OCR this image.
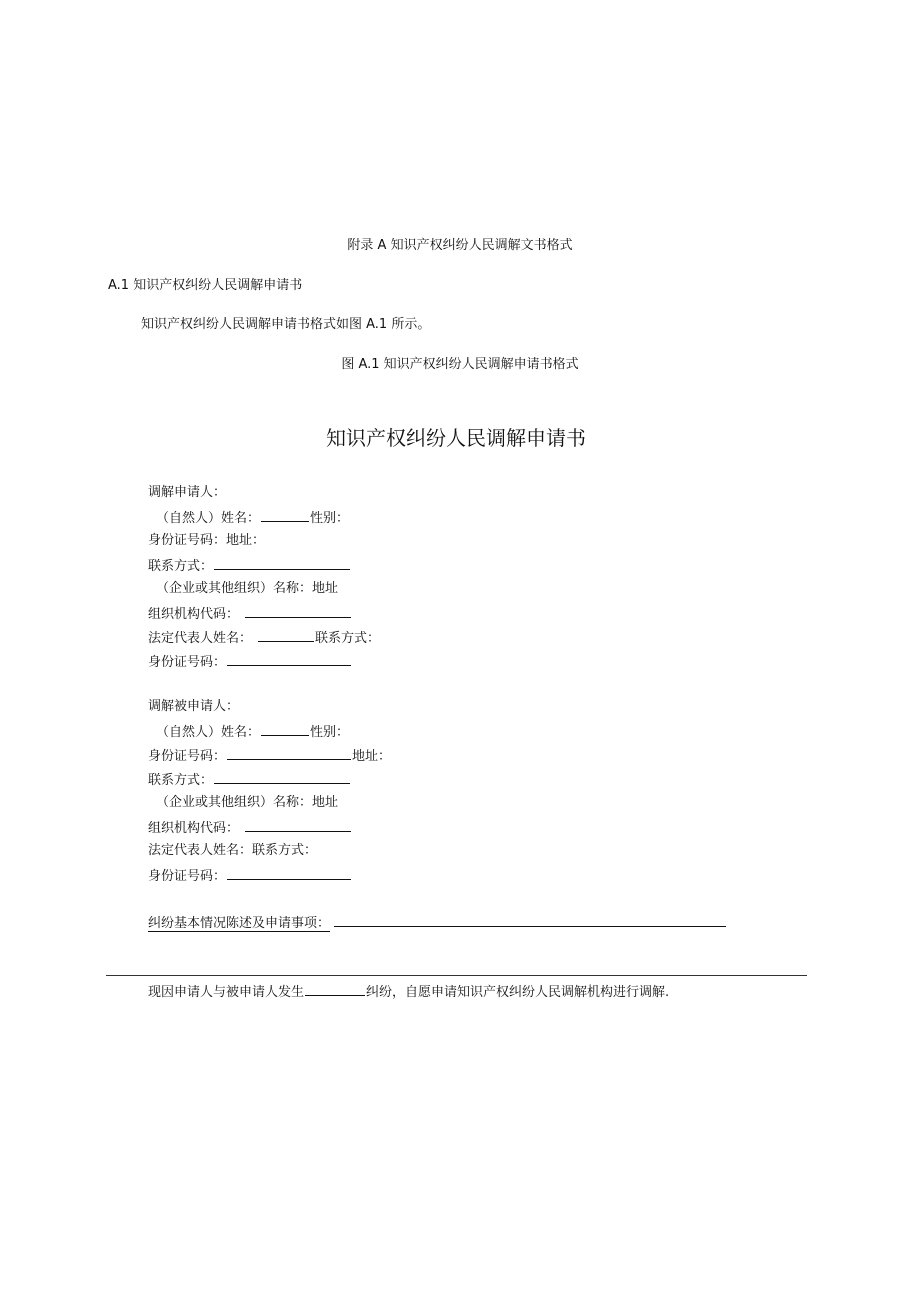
附录 A 知识产权纠纷人民调解文书格式
A.1 知识产权纠纷人民调解申请书
知识产权纠纷人民调解申请书格式如图 A.1 所示。
图 A.1 知识产权纠纷人民调解申请书格式
知识产权纠纷人民调解申请书
调解申请人：
（自然人）姓名：	性别：
身份证号码：地址：
联系方式：
（企业或其他组织）名称：地址
组织机构代码：
法定代表人姓名：	联系方式：
身份证号码：
调解被申请人：
（自然人）姓名：	性别：
身份证号码：	地址：
联系方式：
（企业或其他组织）名称：地址
组织机构代码：
法定代表人姓名：联系方式：
身份证号码：
纠纷基本情况陈述及申请事项：
现因申请人与被申请人发生	纠纷，自愿申请知识产权纠纷人民调解机构进行调解.
